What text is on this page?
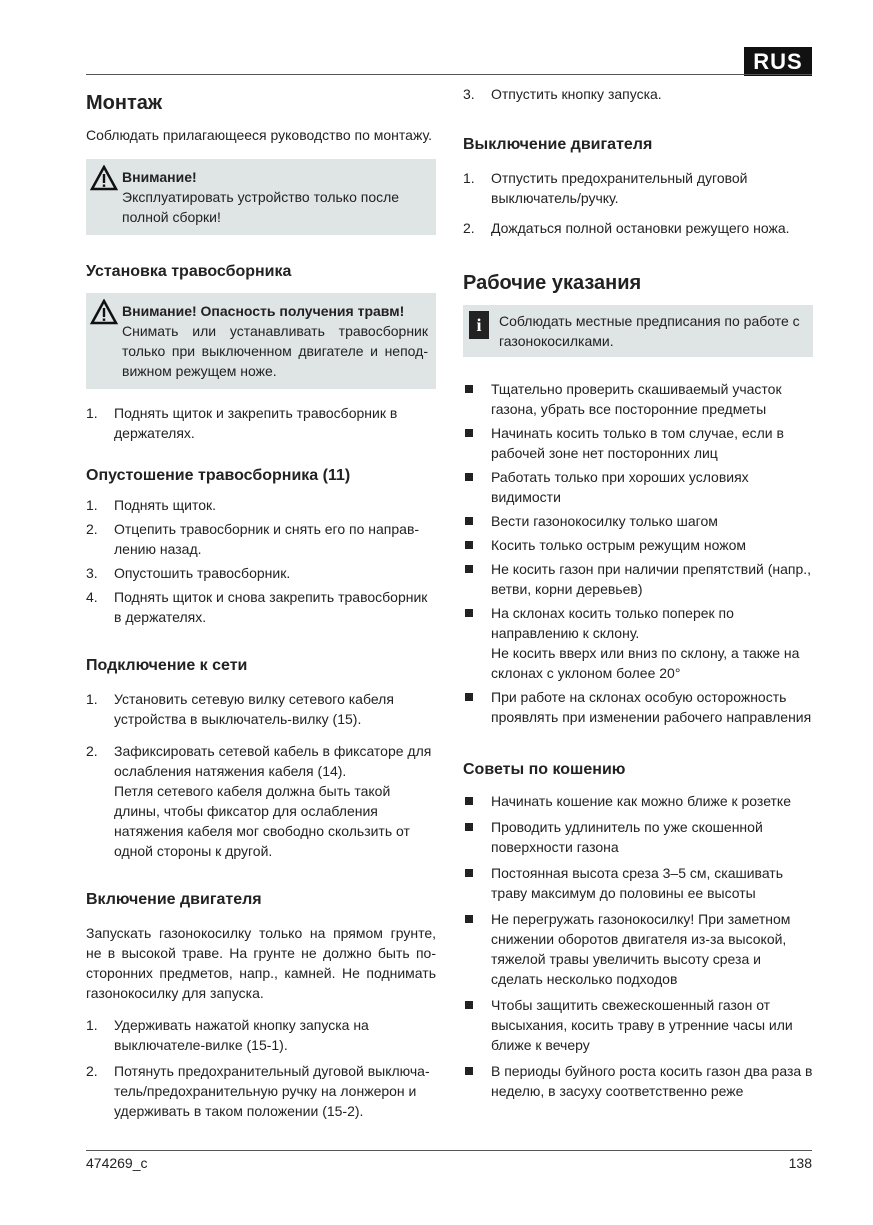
RUS
Монтаж

Соблюдать прилагающееся руководство по монтажу.

Внимание!
Эксплуатировать устройство только после полной сборки!
Установка травосборника
Внимание! Опасность получения травм!
Снимать или устанавливать травосборник только при выключенном двигателе и неподвижном режущем ноже.
1. Поднять щиток и закрепить травосборник в держателях.
Опустошение травосборника (11)
1. Поднять щиток.
2. Отцепить травосборник и снять его по направлению назад.
3. Опустошить травосборник.
4. Поднять щиток и снова закрепить травосборник в держателях.
Подключение к сети
1. Установить сетевую вилку сетевого кабеля устройства в выключатель-вилку (15).
2. Зафиксировать сетевой кабель в фиксаторе для ослабления натяжения кабеля (14).
Петля сетевого кабеля должна быть такой длины, чтобы фиксатор для ослабления натяжения кабеля мог свободно скользить от одной стороны к другой.
Включение двигателя

Запускать газонокосилку только на прямом грунте, не в высокой траве. На грунте не должно быть посторонних предметов, напр., камней. Не поднимать газонокосилку для запуска.

1. Удерживать нажатой кнопку запуска на выключателе-вилке (15-1).
2. Потянуть предохранительный дуговой выключатель/предохранительную ручку на лонжерон и удерживать в таком положении (15-2).
3. Отпустить кнопку запуска.
Выключение двигателя
1. Отпустить предохранительный дуговой выключатель/ручку.
2. Дождаться полной остановки режущего ножа.
Рабочие указания
i	Соблюдать местные предписания по работе с газонокосилками.

Тщательно проверить скашиваемый участок газона, убрать все посторонние предметы
Начинать косить только в том случае, если в рабочей зоне нет посторонних лиц
Работать только при хороших условиях видимости
Вести газонокосилку только шагом
Косить только острым режущим ножом
Не косить газон при наличии препятствий (напр., ветви, корни деревьев)
На склонах косить только поперек по направлению к склону.
Не косить вверх или вниз по склону, а также на склонах с уклоном более 20°
При работе на склонах особую осторожность проявлять при изменении рабочего направления
Советы по кошению
Начинать кошение как можно ближе к розетке
Проводить удлинитель по уже скошенной поверхности газона
Постоянная высота среза 3–5 см, скашивать траву максимум до половины ее высоты
Не перегружать газонокосилку! При заметном снижении оборотов двигателя из-за высокой, тяжелой травы увеличить высоту среза и сделать несколько подходов
Чтобы защитить свежескошенный газон от высыхания, косить траву в утренние часы или ближе к вечеру
В периоды буйного роста косить газон два раза в неделю, в засуху соответственно реже
474269_c	138
